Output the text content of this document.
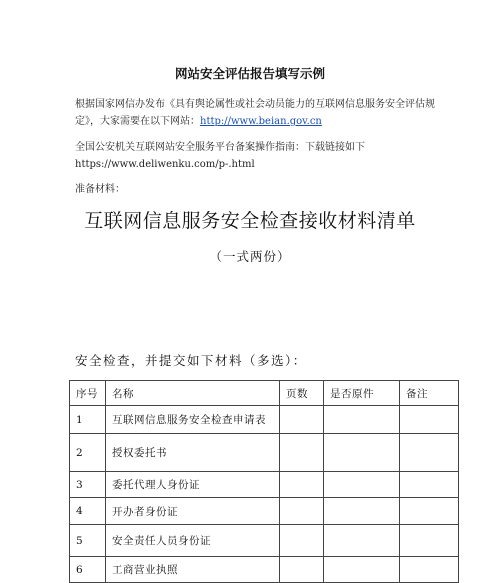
网站安全评估报告填写示例
根据国家网信办发布《具有舆论属性或社会动员能力的互联网信息服务安全评估规定》，大家需要在以下网站：http://www.beian.gov.cn
全国公安机关互联网站安全服务平台备案操作指南：下载链接如下
https://www.deliwenku.com/p-.html
准备材料：
互联网信息服务安全检查接收材料清单
（一式两份）
安全检查，并提交如下材料（多选）：
序号	名称	页数	是否原件	备注
1	互联网信息服务安全检查申请表			
2	授权委托书			
3	委托代理人身份证			
4	开办者身份证			
5	安全责任人员身份证			
6	工商营业执照			
